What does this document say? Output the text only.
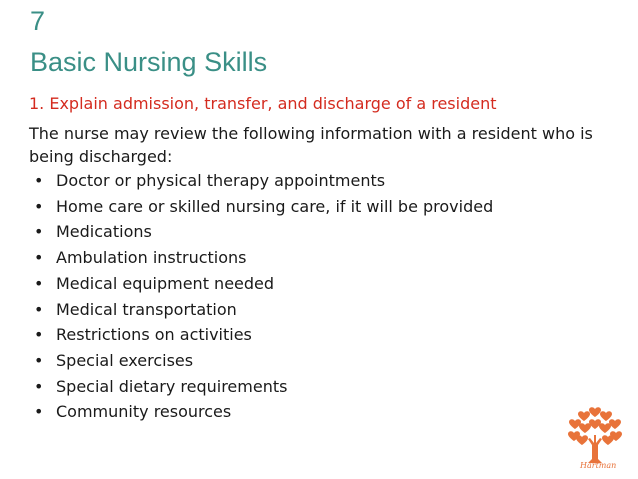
7
Basic Nursing Skills
1. Explain admission, transfer, and discharge of a resident
The nurse may review the following information with a resident who is being discharged:
• Doctor or physical therapy appointments
• Home care or skilled nursing care, if it will be provided
• Medications
• Ambulation instructions
• Medical equipment needed
• Medical transportation
• Restrictions on activities
• Special exercises
• Special dietary requirements
• Community resources
Hartman
